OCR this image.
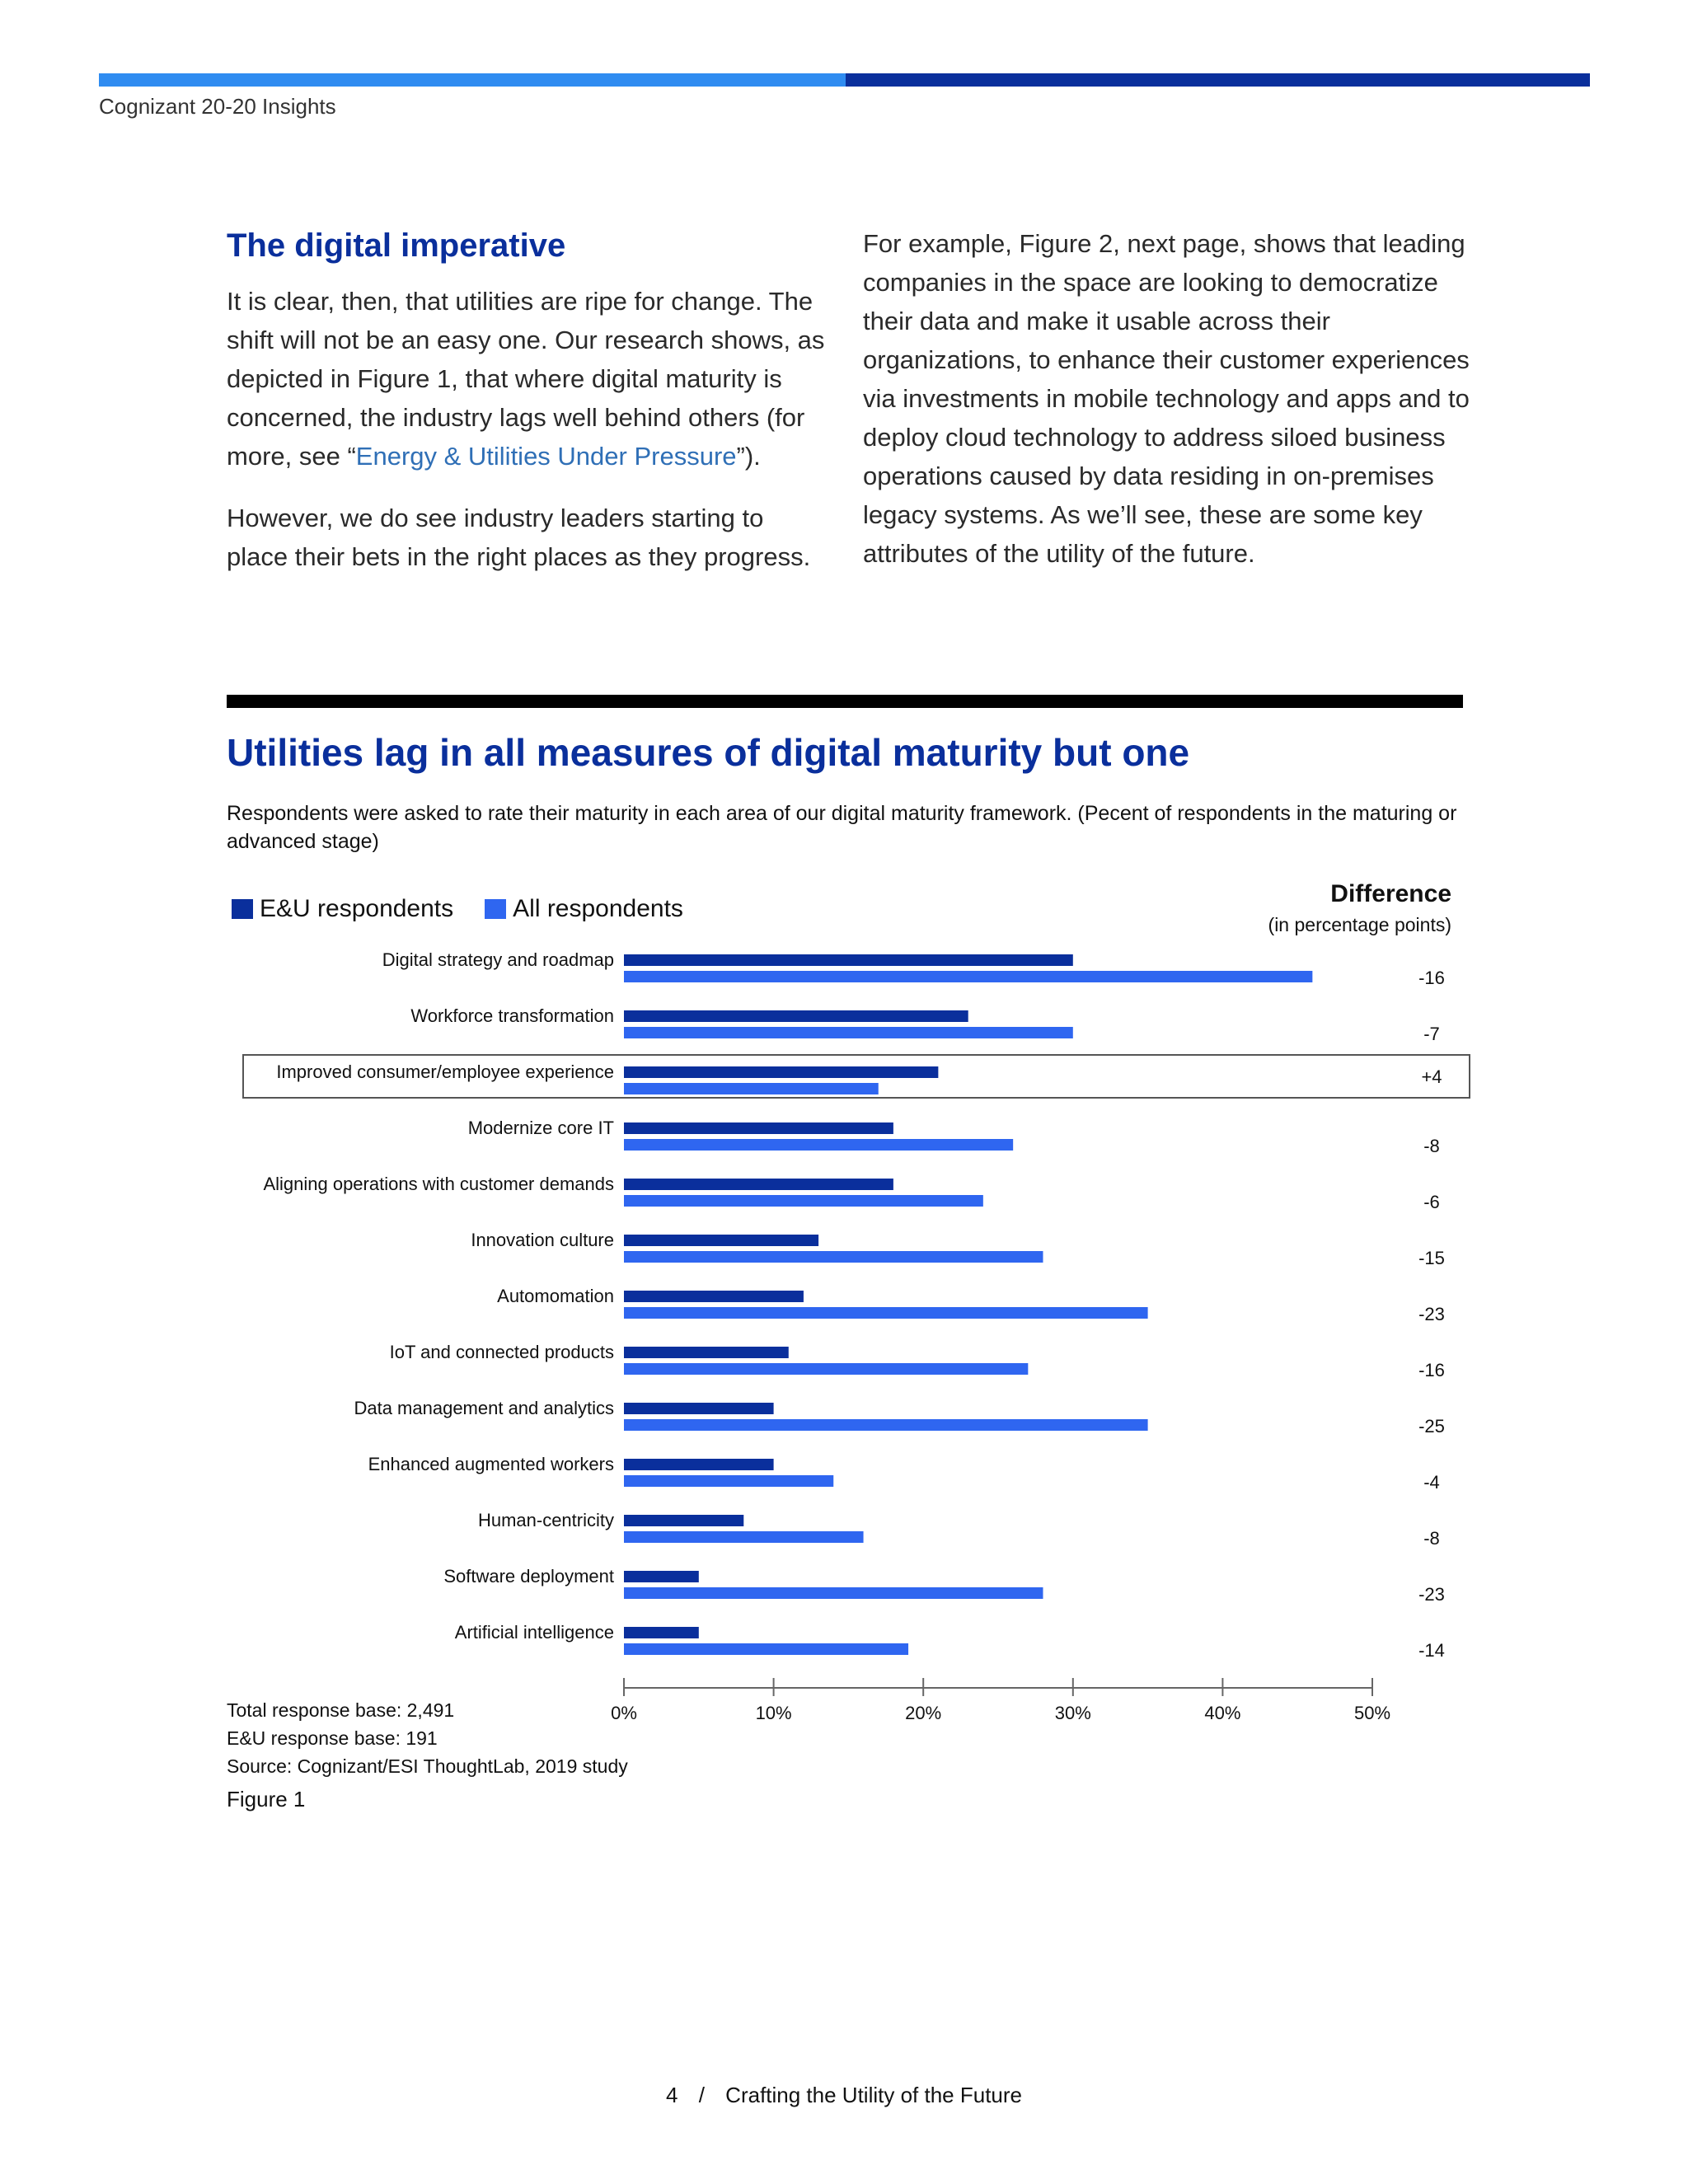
Cognizant 20-20 Insights
The digital imperative

It is clear, then, that utilities are ripe for change. The shift will not be an easy one. Our research shows, as depicted in Figure 1, that where digital maturity is concerned, the industry lags well behind others (for more, see “Energy & Utilities Under Pressure”).

However, we do see industry leaders starting to place their bets in the right places as they progress.

For example, Figure 2, next page, shows that leading companies in the space are looking to democratize their data and make it usable across their organizations, to enhance their customer experiences via investments in mobile technology and apps and to deploy cloud technology to address siloed business operations caused by data residing in on-premises legacy systems. As we’ll see, these are some key attributes of the utility of the future.

Utilities lag in all measures of digital maturity but one
Respondents were asked to rate their maturity in each area of our digital maturity framework. (Pecent of respondents in the maturing or advanced stage)
E&U respondents All respondents
Difference
(in percentage points)
Digital strategy and roadmap
-16
Workforce transformation
-7
Improved consumer/employee experience	+4
Modernize core IT
-8
Aligning operations with customer demands
-6
Innovation culture
-15
Automomation
-23
IoT and connected products
-16
Data management and analytics
-25
Enhanced augmented workers
-4
Human-centricity
-8
Software deployment
-23
Artificial intelligence
-14
0%	10%	20%	30%	40%	50%
Total response base: 2,491
E&U response base: 191
Source: Cognizant/ESI ThoughtLab, 2019 study
Figure 1
4 / Crafting the Utility of the Future
